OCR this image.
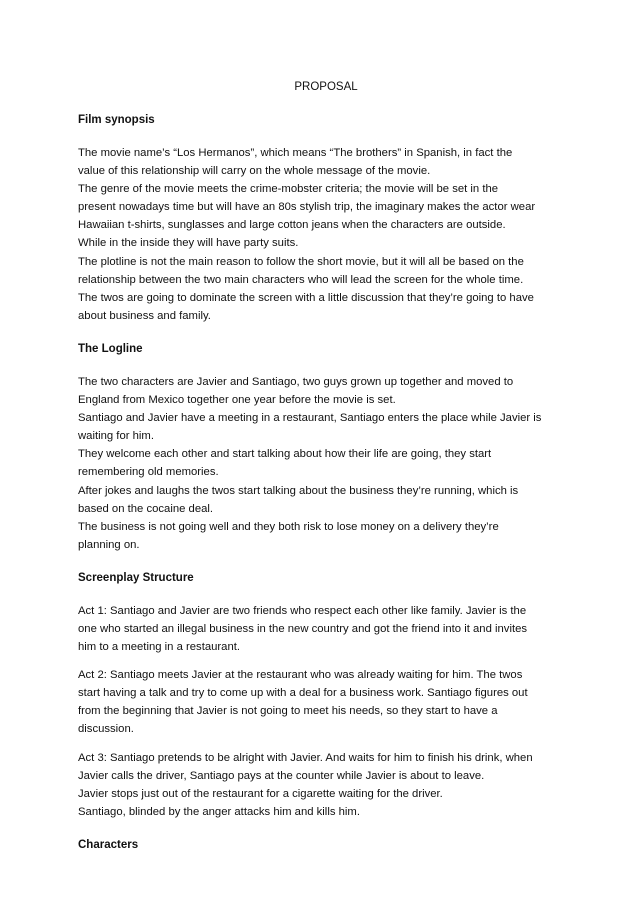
PROPOSAL
Film synopsis
The movie name’s “Los Hermanos”, which means “The brothers” in Spanish, in fact the
value of this relationship will carry on the whole message of the movie.
The genre of the movie meets the crime-mobster criteria; the movie will be set in the
present nowadays time but will have an 80s stylish trip, the imaginary makes the actor wear
Hawaiian t-shirts, sunglasses and large cotton jeans when the characters are outside.
While in the inside they will have party suits.
The plotline is not the main reason to follow the short movie, but it will all be based on the
relationship between the two main characters who will lead the screen for the whole time.
The twos are going to dominate the screen with a little discussion that they’re going to have
about business and family.
The Logline
The two characters are Javier and Santiago, two guys grown up together and moved to
England from Mexico together one year before the movie is set.
Santiago and Javier have a meeting in a restaurant, Santiago enters the place while Javier is
waiting for him.
They welcome each other and start talking about how their life are going, they start
remembering old memories.
After jokes and laughs the twos start talking about the business they’re running, which is
based on the cocaine deal.
The business is not going well and they both risk to lose money on a delivery they’re
planning on.
Screenplay Structure
Act 1: Santiago and Javier are two friends who respect each other like family. Javier is the
one who started an illegal business in the new country and got the friend into it and invites
him to a meeting in a restaurant.
Act 2: Santiago meets Javier at the restaurant who was already waiting for him. The twos
start having a talk and try to come up with a deal for a business work. Santiago figures out
from the beginning that Javier is not going to meet his needs, so they start to have a
discussion.
Act 3: Santiago pretends to be alright with Javier. And waits for him to finish his drink, when
Javier calls the driver, Santiago pays at the counter while Javier is about to leave.
Javier stops just out of the restaurant for a cigarette waiting for the driver.
Santiago, blinded by the anger attacks him and kills him.
Characters
